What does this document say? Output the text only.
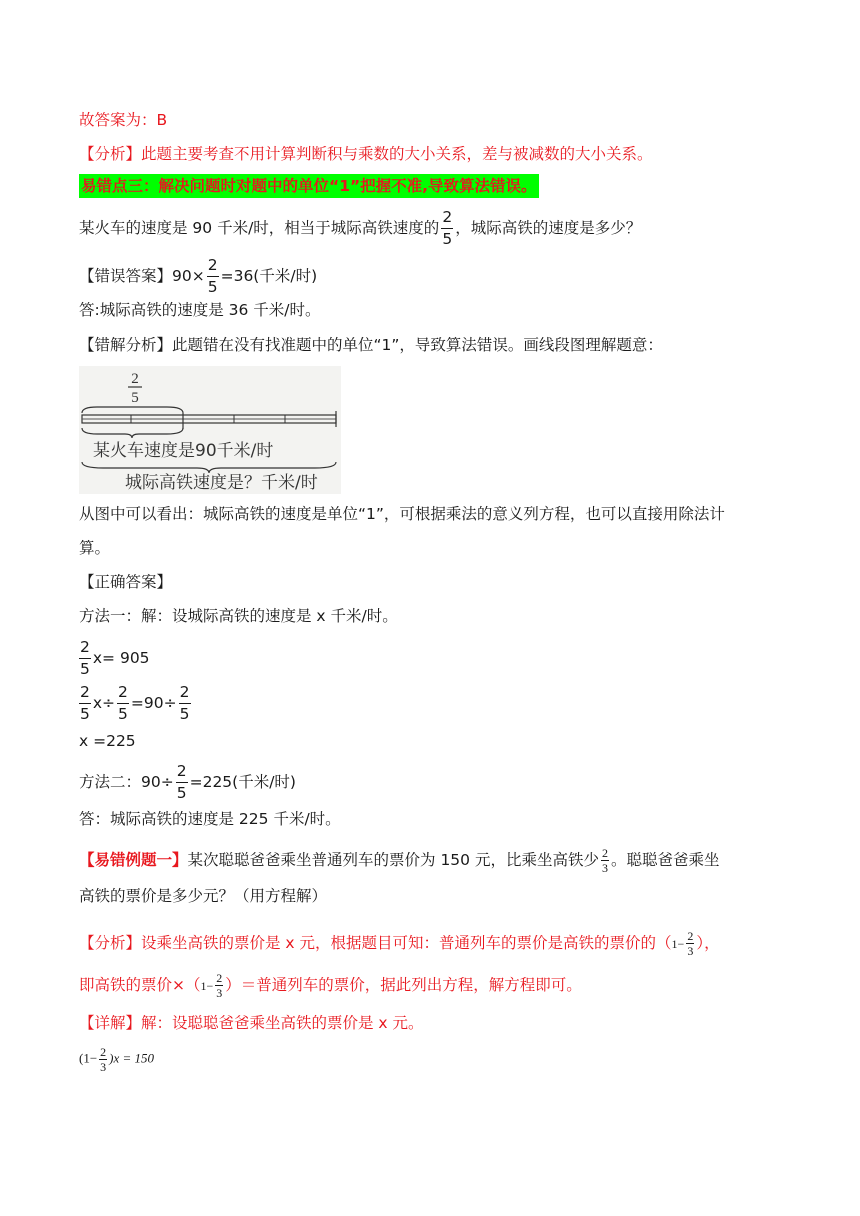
故答案为：B
【分析】此题主要考查不用计算判断积与乘数的大小关系，差与被减数的大小关系。
易错点三：解决问题时对题中的单位“1”把握不准,导致算法错误。
某火车的速度是 90 千米/时，相当于城际高铁速度的 $\frac{2}{5}$ ，城际高铁的速度是多少？
【错误答案】$90\times \frac{2}{5} =36$(千米/时)
答:城际高铁的速度是 36 千米/时。
【错解分析】此题错在没有找准题中的单位“1”，导致算法错误。画线段图理解题意：
2
5
某火车速度是90千米/时
城际高铁速度是？千米/时
从图中可以看出：城际高铁的速度是单位“1”，可根据乘法的意义列方程，也可以直接用除法计
算。
【正确答案】
方法一：解：设城际高铁的速度是 x 千米/时。
$\frac{2}{5} x= 905$
$\frac{2}{5} x\div \frac{2}{5} =90\div \frac{2}{5}$
x =225
方法二：$90\div \frac{2}{5} =225$(千米/时)
答：城际高铁的速度是 225 千米/时。
【易错例题一】某次聪聪爸爸乘坐普通列车的票价为 150 元，比乘坐高铁少 $\frac{2}{3}$ 。聪聪爸爸乘坐
高铁的票价是多少元？（用方程解）
【分析】设乘坐高铁的票价是 x 元，根据题目可知：普通列车的票价是高铁的票价的（$1- \frac{2}{3}$ ），
即高铁的票价$\times(1- \frac{2}{3}$ ）＝普通列车的票价，据此列出方程，解方程即可。
【详解】解：设聪聪爸爸乘坐高铁的票价是 x 元。
$(1- \frac{2}{3} )x = 150$
